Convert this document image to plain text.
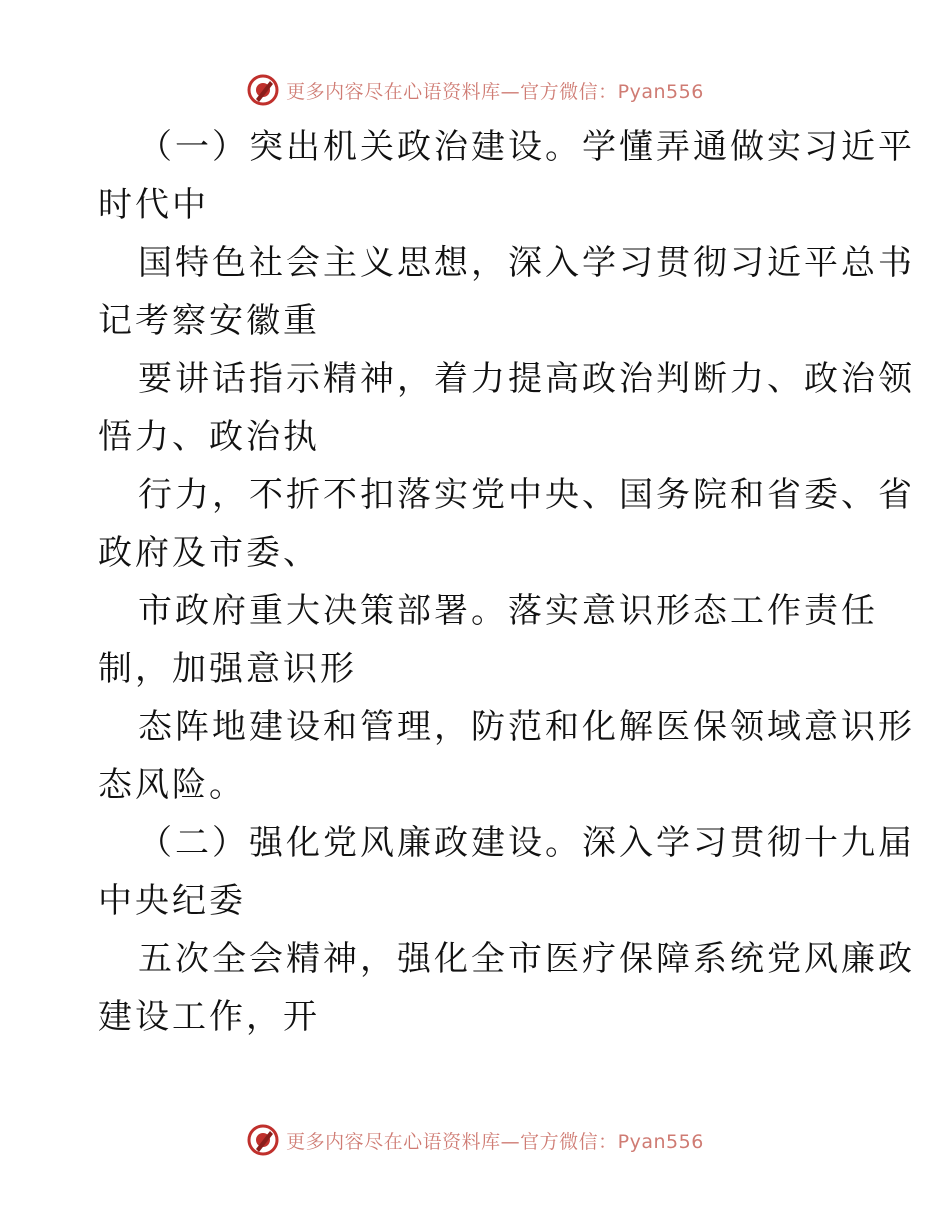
更多内容尽在心语资料库—官方微信：Pyan556
（一）突出机关政治建设。学懂弄通做实习近平
时代中
国特色社会主义思想，深入学习贯彻习近平总书
记考察安徽重
要讲话指示精神，着力提高政治判断力、政治领
悟力、政治执
行力，不折不扣落实党中央、国务院和省委、省
政府及市委、
市政府重大决策部署。落实意识形态工作责任
制，加强意识形
态阵地建设和管理，防范和化解医保领域意识形
态风险。
（二）强化党风廉政建设。深入学习贯彻十九届
中央纪委
五次全会精神，强化全市医疗保障系统党风廉政
建设工作，开
更多内容尽在心语资料库—官方微信：Pyan556
